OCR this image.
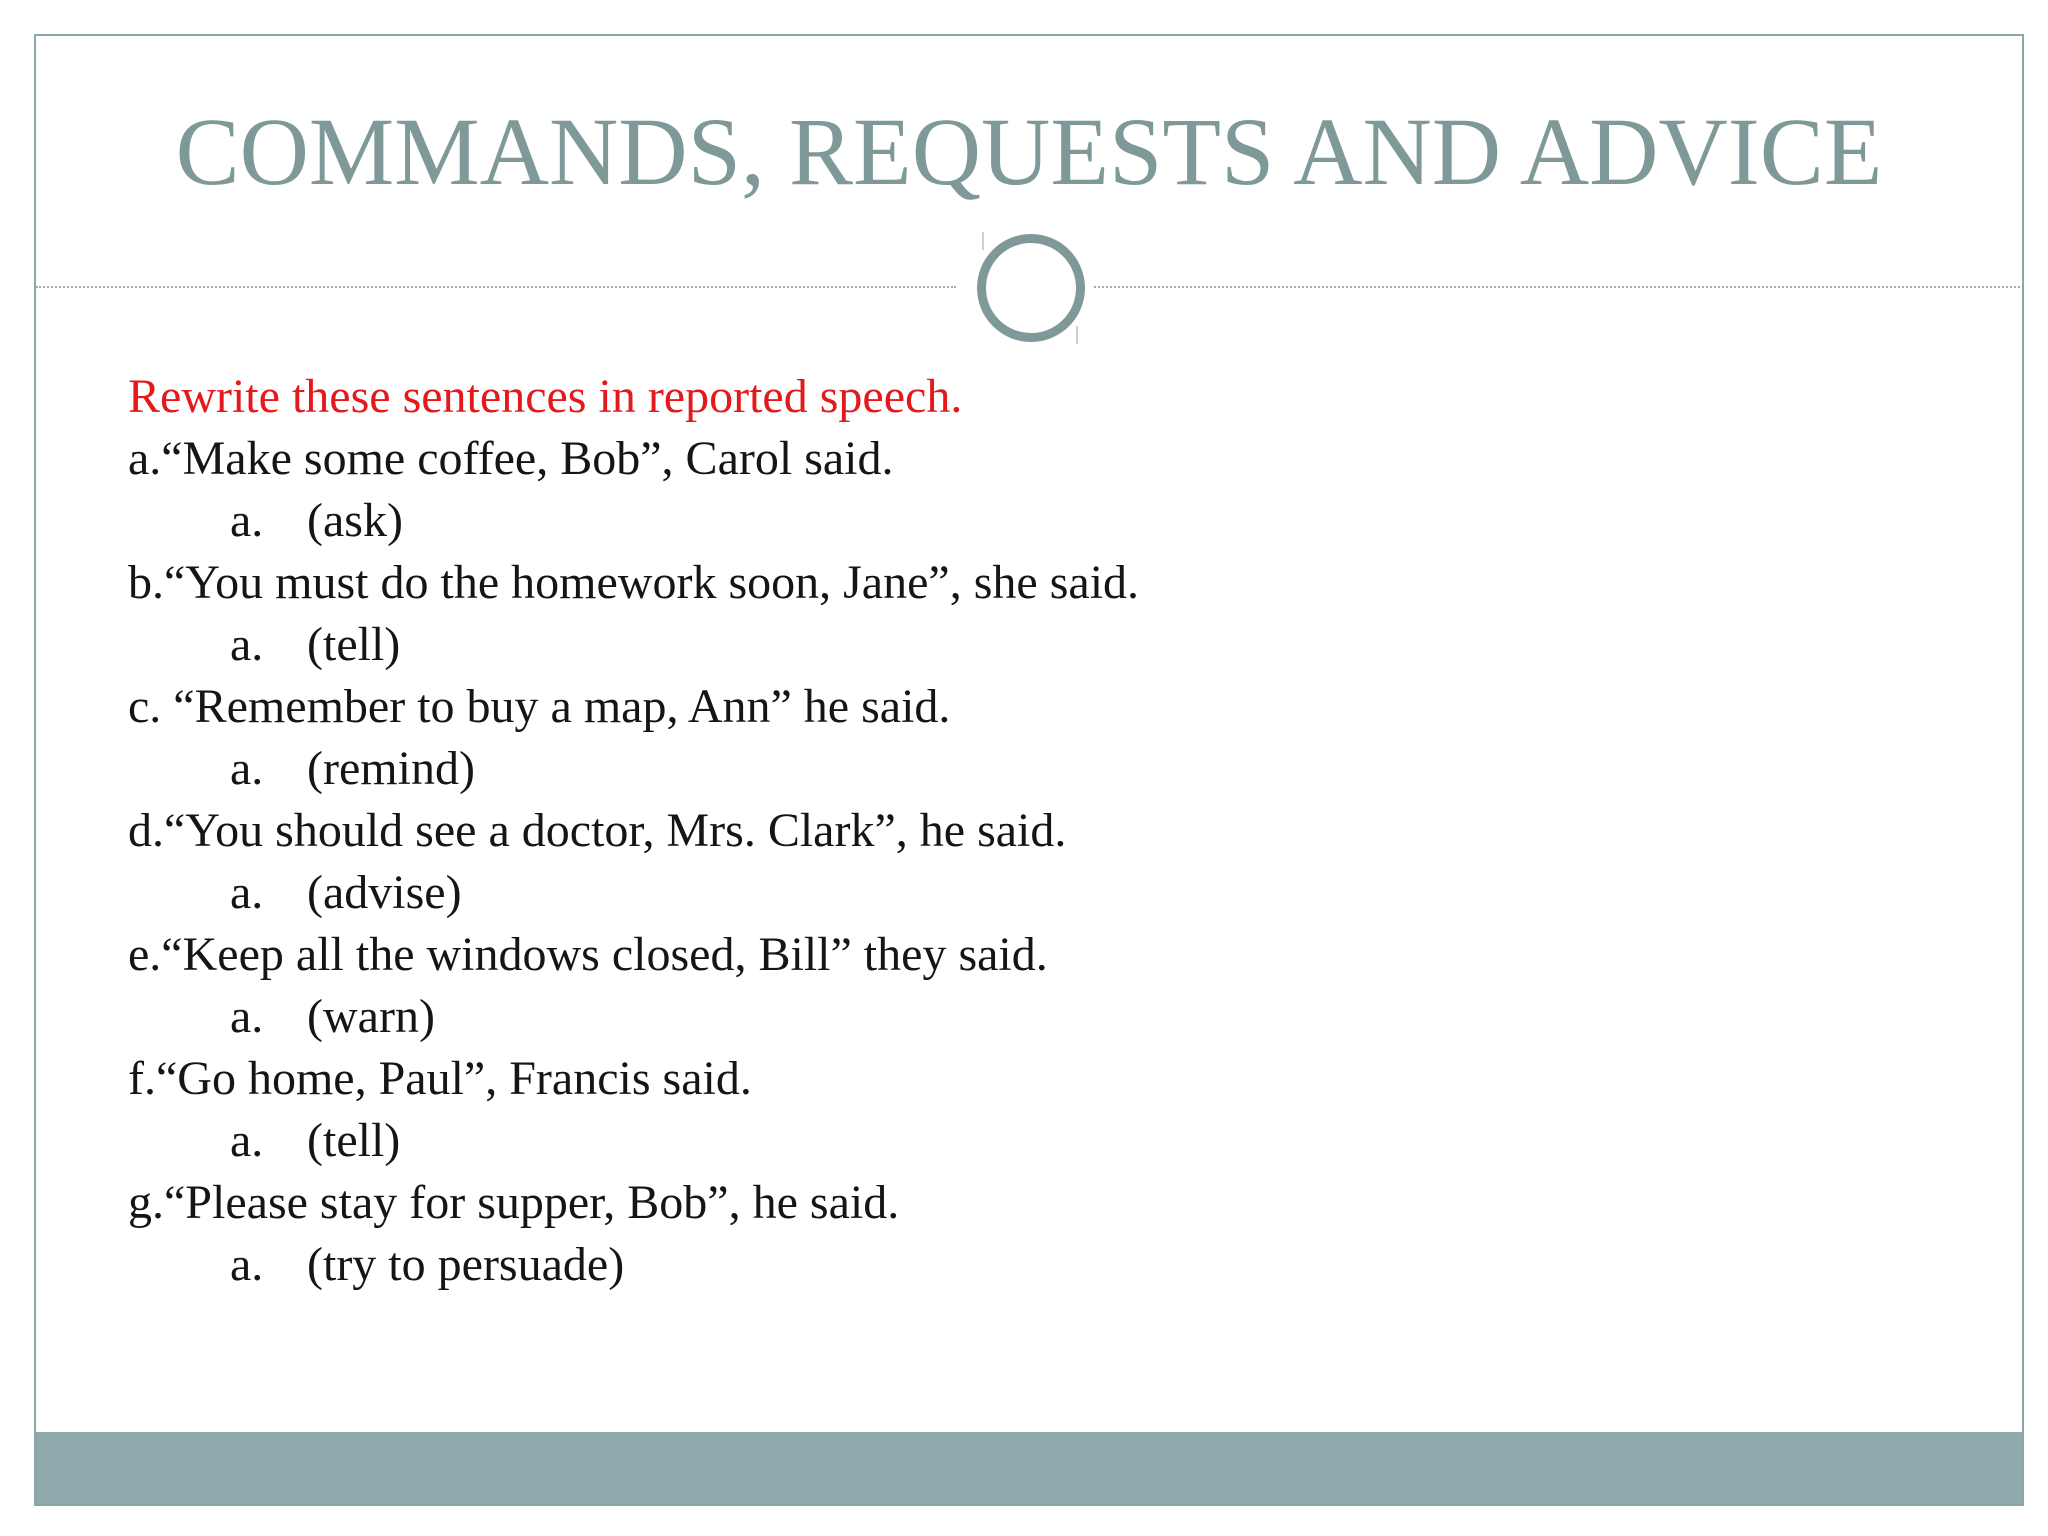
COMMANDS, REQUESTS AND ADVICE
Rewrite these sentences in reported speech.
a.“Make some coffee, Bob”, Carol said.
a. (ask)
b.“You must do the homework soon, Jane”, she said.
a. (tell)
c. “Remember to buy a map, Ann” he said.
a. (remind)
d.“You should see a doctor, Mrs. Clark”, he said.
a. (advise)
e.“Keep all the windows closed, Bill” they said.
a. (warn)
f.“Go home, Paul”, Francis said.
a. (tell)
g.“Please stay for supper, Bob”, he said.
a. (try to persuade)
